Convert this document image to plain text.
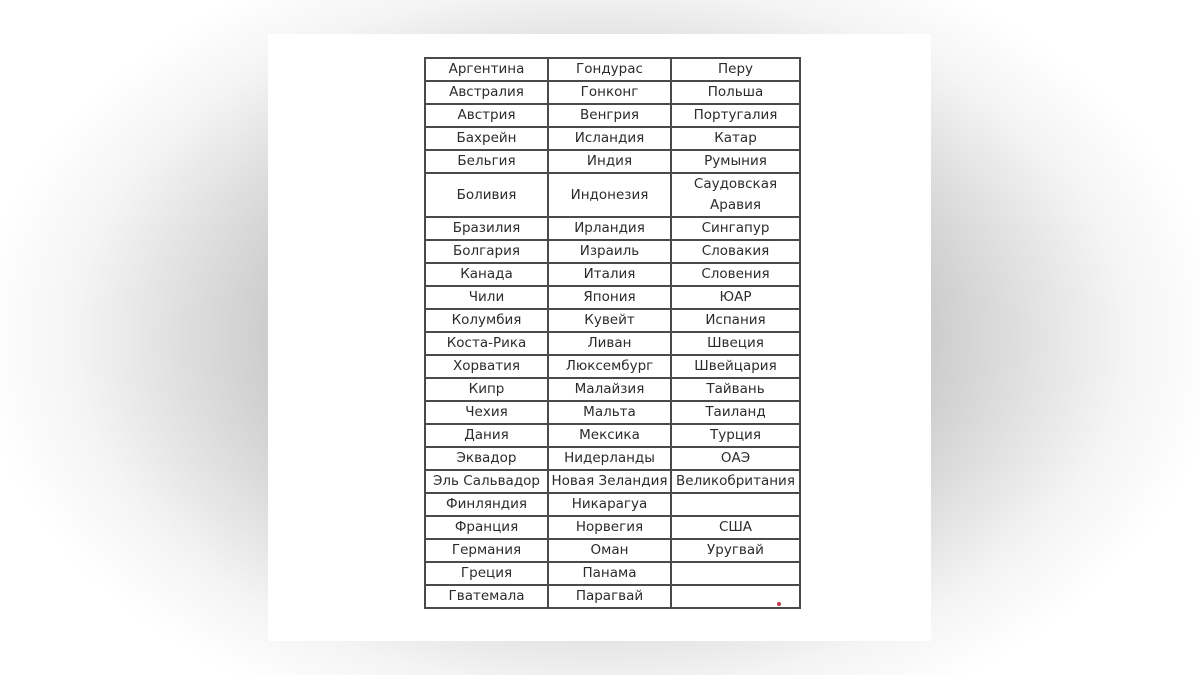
Аргентина	Гондурас	Перу
Австралия	Гонконг	Польша
Австрия	Венгрия	Португалия
Бахрейн	Исландия	Катар
Бельгия	Индия	Румыния
Боливия	Индонезия	Саудовская Аравия
Бразилия	Ирландия	Сингапур
Болгария	Израиль	Словакия
Канада	Италия	Словения
Чили	Япония	ЮАР
Колумбия	Кувейт	Испания
Коста-Рика	Ливан	Швеция
Хорватия	Люксембург	Швейцария
Кипр	Малайзия	Тайвань
Чехия	Мальта	Таиланд
Дания	Мексика	Турция
Эквадор	Нидерланды	ОАЭ
Эль Сальвадор	Новая Зеландия	Великобритания
Финляндия	Никарагуа	
Франция	Норвегия	США
Германия	Оман	Уругвай
Греция	Панама	
Гватемала	Парагвай	
